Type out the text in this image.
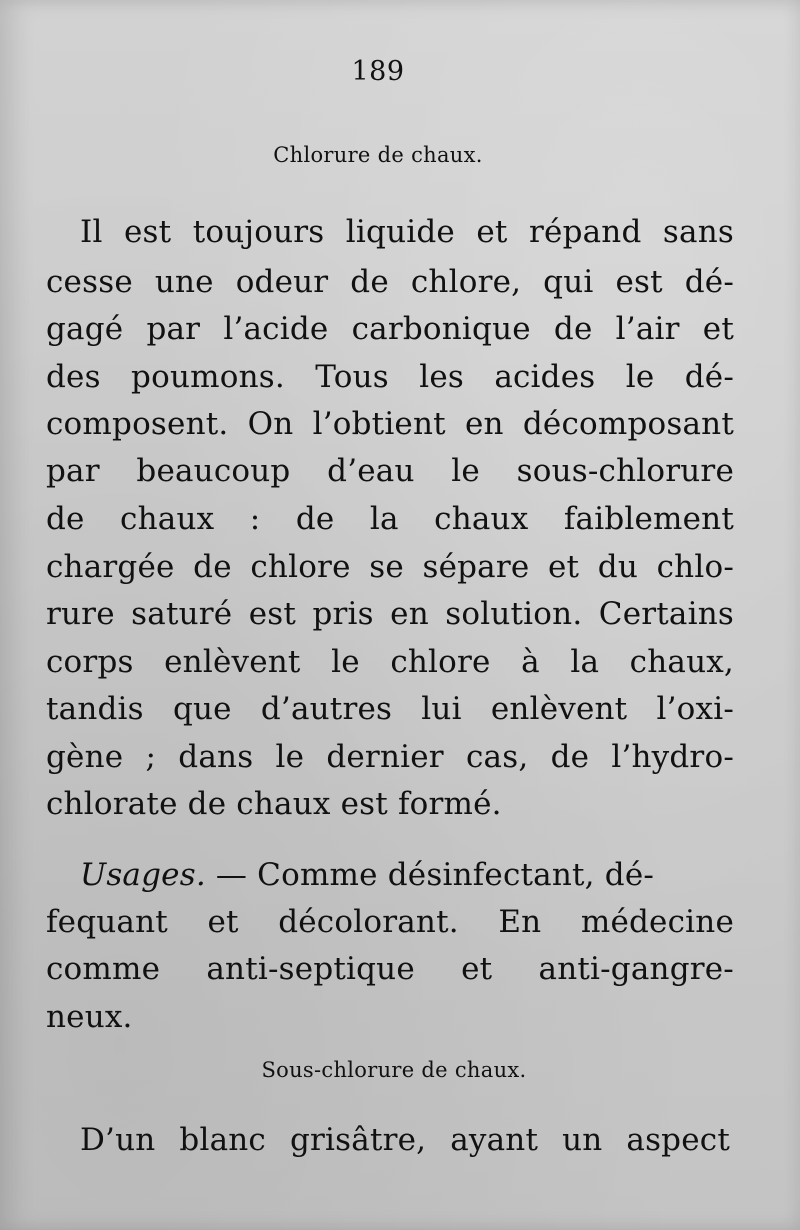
189
Chlorure de chaux.
Il est toujours liquide et répand sans
cesse une odeur de chlore, qui est dé-
gagé par l’acide carbonique de l’air et
des poumons. Tous les acides le dé-
composent. On l’obtient en décomposant
par beaucoup d’eau le sous-chlorure
de chaux : de la chaux faiblement
chargée de chlore se sépare et du chlo-
rure saturé est pris en solution. Certains
corps enlèvent le chlore à la chaux,
tandis que d’autres lui enlèvent l’oxi-
gène ; dans le dernier cas, de l’hydro-
chlorate de chaux est formé.
Usages. — Comme désinfectant, dé-
fequant et décolorant. En médecine
comme anti-septique et anti-gangre-
neux.
Sous-chlorure de chaux.
D’un blanc grisâtre, ayant un aspect
